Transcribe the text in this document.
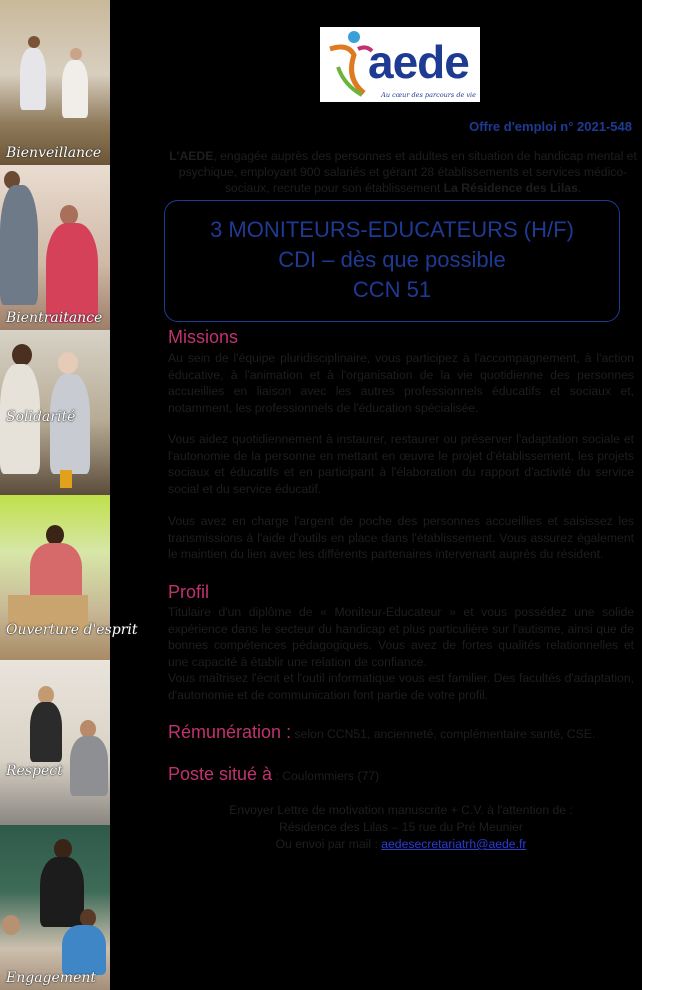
Bienveillance
Bientraitance
Solidarité
Ouverture d'esprit
Respect
Engagement
aede
Au cœur des parcours de vie
Offre d'emploi n° 2021-548
L'AEDE, engagée auprès des personnes et adultes en situation de handicap mental et psychique, employant 900 salariés et gérant 28 établissements et services médico-sociaux, recrute pour son établissement La Résidence des Lilas.
3 MONITEURS-EDUCATEURS (H/F)
CDI – dès que possible
CCN 51
Missions
Au sein de l'équipe pluridisciplinaire, vous participez à l'accompagnement, à l'action éducative, à l'animation et à l'organisation de la vie quotidienne des personnes accueillies en liaison avec les autres professionnels éducatifs et sociaux et, notamment, les professionnels de l'éducation spécialisée.
Vous aidez quotidiennement à instaurer, restaurer ou préserver l'adaptation sociale et l'autonomie de la personne en mettant en œuvre le projet d'établissement, les projets sociaux et éducatifs et en participant à l'élaboration du rapport d'activité du service social et du service éducatif.
Vous avez en charge l'argent de poche des personnes accueillies et saisissez les transmissions à l'aide d'outils en place dans l'établissement. Vous assurez également le maintien du lien avec les différents partenaires intervenant auprès du résident.
Profil
Titulaire d'un diplôme de « Moniteur-Educateur » et vous possédez une solide expérience dans le secteur du handicap et plus particulière sur l'autisme, ainsi que de bonnes compétences pédagogiques. Vous avez de fortes qualités relationnelles et une capacité à établir une relation de confiance.
Vous maîtrisez l'écrit et l'outil informatique vous est familier. Des facultés d'adaptation, d'autonomie et de communication font partie de votre profil.
Rémunération : selon CCN51, ancienneté, complémentaire santé, CSE.
Poste situé à : Coulommiers (77)
Envoyer Lettre de motivation manuscrite + C.V. à l'attention de :
Résidence des Lilas – 15 rue du Pré Meunier
Ou envoi par mail : aedesecretariatrh@aede.fr
